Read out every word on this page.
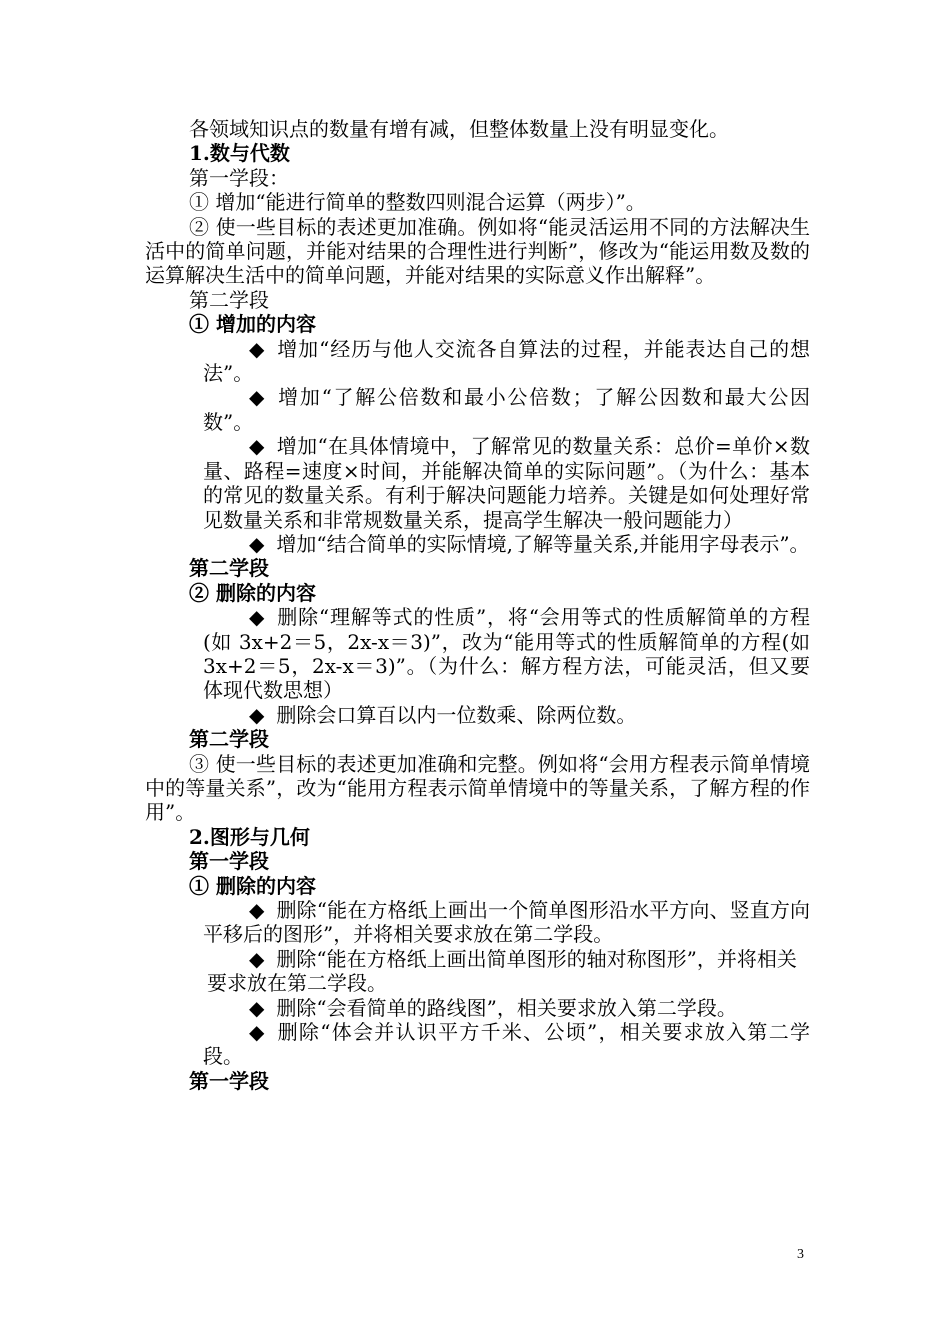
各领域知识点的数量有增有减，但整体数量上没有明显变化。

1.数与代数

第一学段：

① 增加“能进行简单的整数四则混合运算（两步）”。

② 使一些目标的表述更加准确。例如将“能灵活运用不同的方法解决生活中的简单问题，并能对结果的合理性进行判断”，修改为“能运用数及数的运算解决生活中的简单问题，并能对结果的实际意义作出解释”。

第二学段

① 增加的内容

◆ 增加“经历与他人交流各自算法的过程，并能表达自己的想法”。

◆ 增加“了解公倍数和最小公倍数；了解公因数和最大公因数”。

◆ 增加“在具体情境中，了解常见的数量关系：总价=单价×数量、路程=速度×时间，并能解决简单的实际问题”。（为什么：基本的常见的数量关系。有利于解决问题能力培养。关键是如何处理好常见数量关系和非常规数量关系，提高学生解决一般问题能力）

◆ 增加“结合简单的实际情境,了解等量关系,并能用字母表示”。

第二学段

② 删除的内容

◆ 删除“理解等式的性质”，将“会用等式的性质解简单的方程(如 3x+2＝5，2x-x＝3)”，改为“能用等式的性质解简单的方程(如 3x+2＝5，2x-x＝3)”。（为什么：解方程方法，可能灵活，但又要体现代数思想）

◆ 删除会口算百以内一位数乘、除两位数。

第二学段

③ 使一些目标的表述更加准确和完整。例如将“会用方程表示简单情境中的等量关系”，改为“能用方程表示简单情境中的等量关系，了解方程的作用”。

2.图形与几何

第一学段

① 删除的内容

◆ 删除“能在方格纸上画出一个简单图形沿水平方向、竖直方向平移后的图形”，并将相关要求放在第二学段。

◆ 删除“能在方格纸上画出简单图形的轴对称图形”，并将相关

要求放在第二学段。

◆ 删除“会看简单的路线图”，相关要求放入第二学段。

◆ 删除“体会并认识平方千米、公顷”，相关要求放入第二学段。

第一学段

3
